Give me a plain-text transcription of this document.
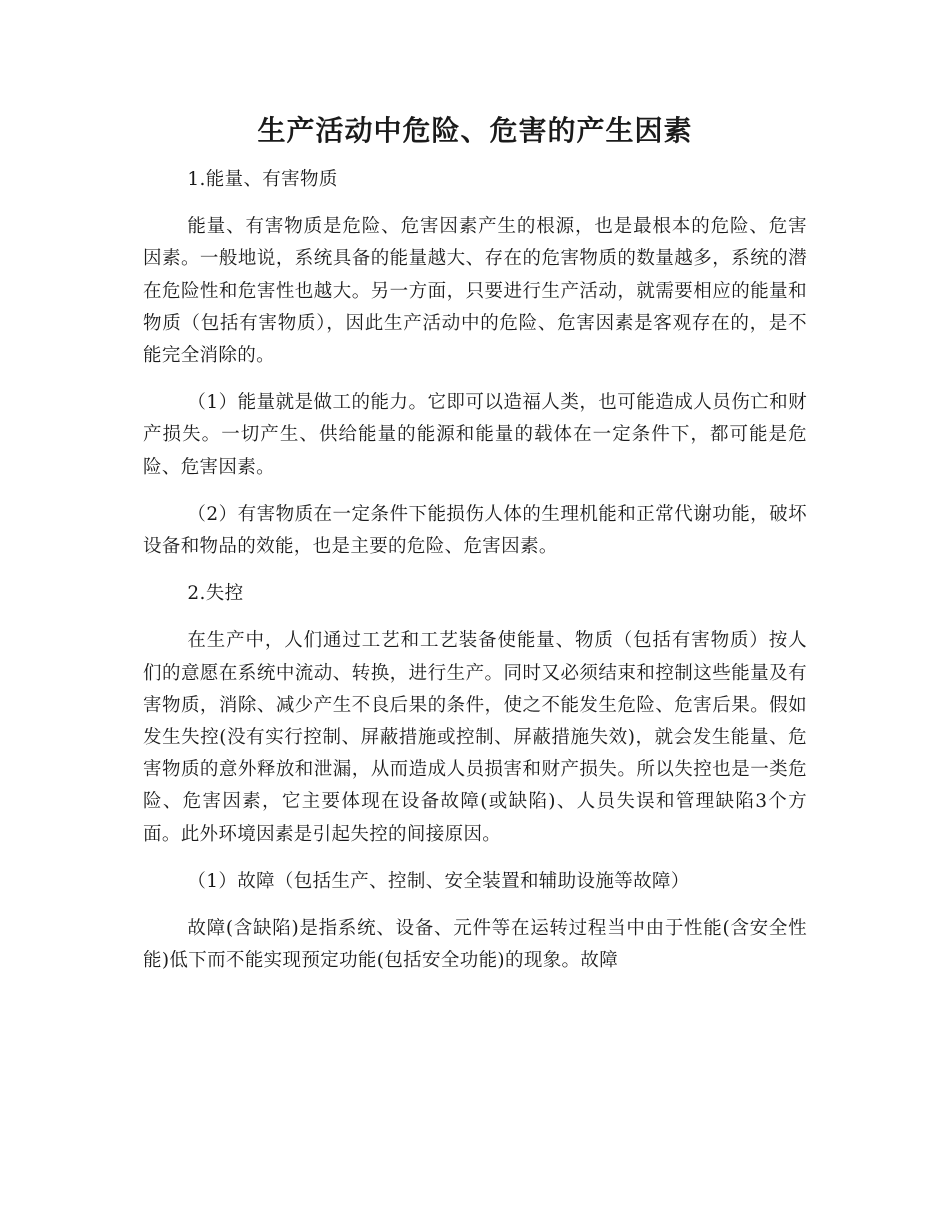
生产活动中危险、危害的产生因素

1.能量、有害物质

能量、有害物质是危险、危害因素产生的根源，也是最根本的危险、危害因素。一般地说，系统具备的能量越大、存在的危害物质的数量越多，系统的潜在危险性和危害性也越大。另一方面，只要进行生产活动，就需要相应的能量和物质（包括有害物质），因此生产活动中的危险、危害因素是客观存在的，是不能完全消除的。

（1）能量就是做工的能力。它即可以造福人类，也可能造成人员伤亡和财产损失。一切产生、供给能量的能源和能量的载体在一定条件下，都可能是危险、危害因素。

（2）有害物质在一定条件下能损伤人体的生理机能和正常代谢功能，破坏设备和物品的效能，也是主要的危险、危害因素。

2.失控

在生产中，人们通过工艺和工艺装备使能量、物质（包括有害物质）按人们的意愿在系统中流动、转换，进行生产。同时又必须结束和控制这些能量及有害物质，消除、减少产生不良后果的条件，使之不能发生危险、危害后果。假如发生失控(没有实行控制、屏蔽措施或控制、屏蔽措施失效)，就会发生能量、危害物质的意外释放和泄漏，从而造成人员损害和财产损失。所以失控也是一类危险、危害因素，它主要体现在设备故障(或缺陷)、人员失误和管理缺陷3个方面。此外环境因素是引起失控的间接原因。

（1）故障（包括生产、控制、安全装置和辅助设施等故障）

故障(含缺陷)是指系统、设备、元件等在运转过程当中由于性能(含安全性能)低下而不能实现预定功能(包括安全功能)的现象。故障
